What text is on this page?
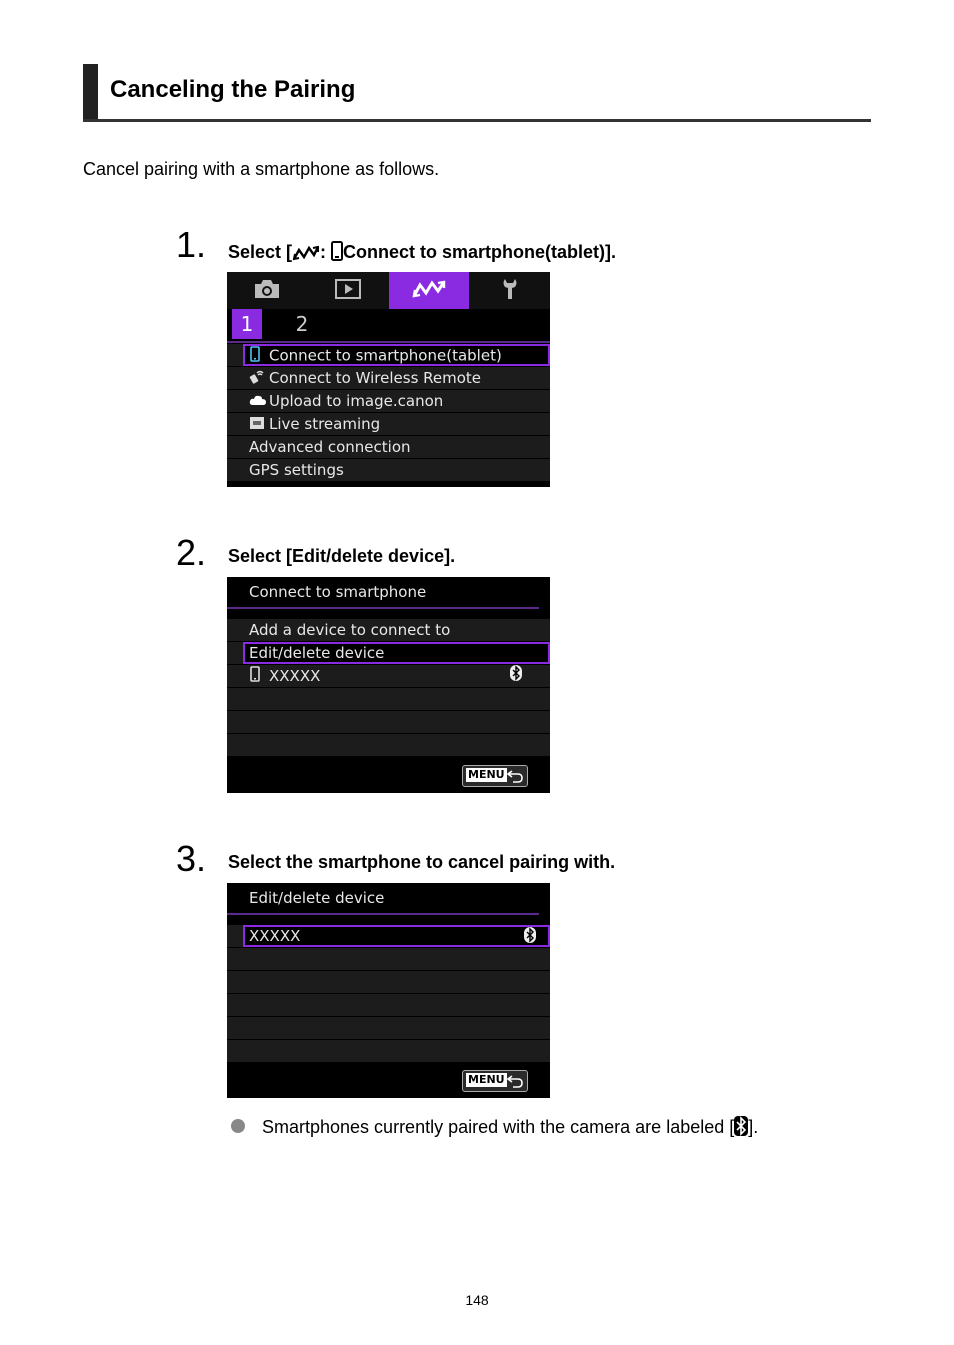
Canceling the Pairing

Cancel pairing with a smartphone as follows.

1. Select [ : Connect to smartphone(tablet)].
1	2
Connect to smartphone(tablet)
Connect to Wireless Remote
Upload to image.canon
Live streaming
Advanced connection
GPS settings
2. Select [Edit/delete device].
Connect to smartphone
Add a device to connect to
Edit/delete device
XXXXX
MENU
3. Select the smartphone to cancel pairing with.
Edit/delete device
XXXXX
MENU
Smartphones currently paired with the camera are labeled [ ].
148
